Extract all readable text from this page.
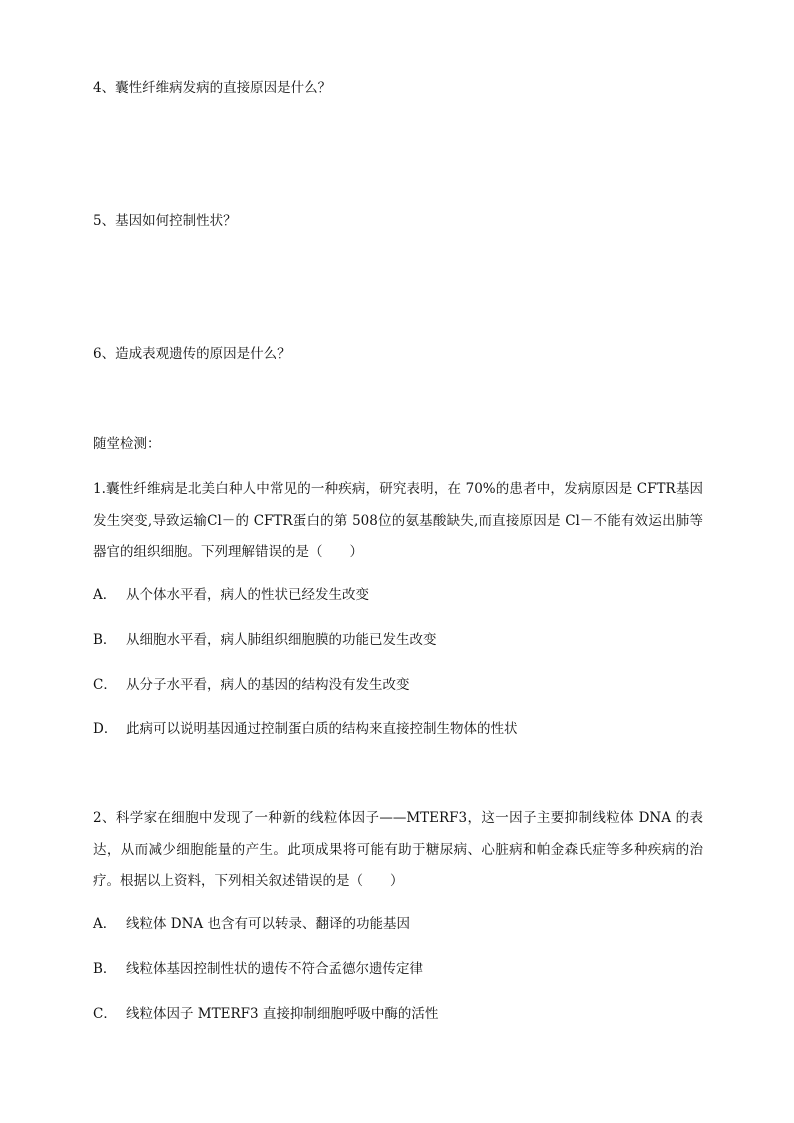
4、囊性纤维病发病的直接原因是什么？
5、基因如何控制性状？
6、造成表观遗传的原因是什么？
随堂检测：
1.囊性纤维病是北美白种人中常见的一种疾病，研究表明，在 70%的患者中，发病原因是 CFTR基因发生突变,导致运输Cl－的 CFTR蛋白的第 508位的氨基酸缺失,而直接原因是 Cl－不能有效运出肺等器官的组织细胞。下列理解错误的是（　　）
A． 从个体水平看，病人的性状已经发生改变
B． 从细胞水平看，病人肺组织细胞膜的功能已发生改变
C． 从分子水平看，病人的基因的结构没有发生改变
D． 此病可以说明基因通过控制蛋白质的结构来直接控制生物体的性状
2、科学家在细胞中发现了一种新的线粒体因子——MTERF3，这一因子主要抑制线粒体 DNA 的表达，从而减少细胞能量的产生。此项成果将可能有助于糖尿病、心脏病和帕金森氏症等多种疾病的治疗。根据以上资料，下列相关叙述错误的是（　　）
A． 线粒体 DNA 也含有可以转录、翻译的功能基因
B． 线粒体基因控制性状的遗传不符合孟德尔遗传定律
C． 线粒体因子 MTERF3 直接抑制细胞呼吸中酶的活性
